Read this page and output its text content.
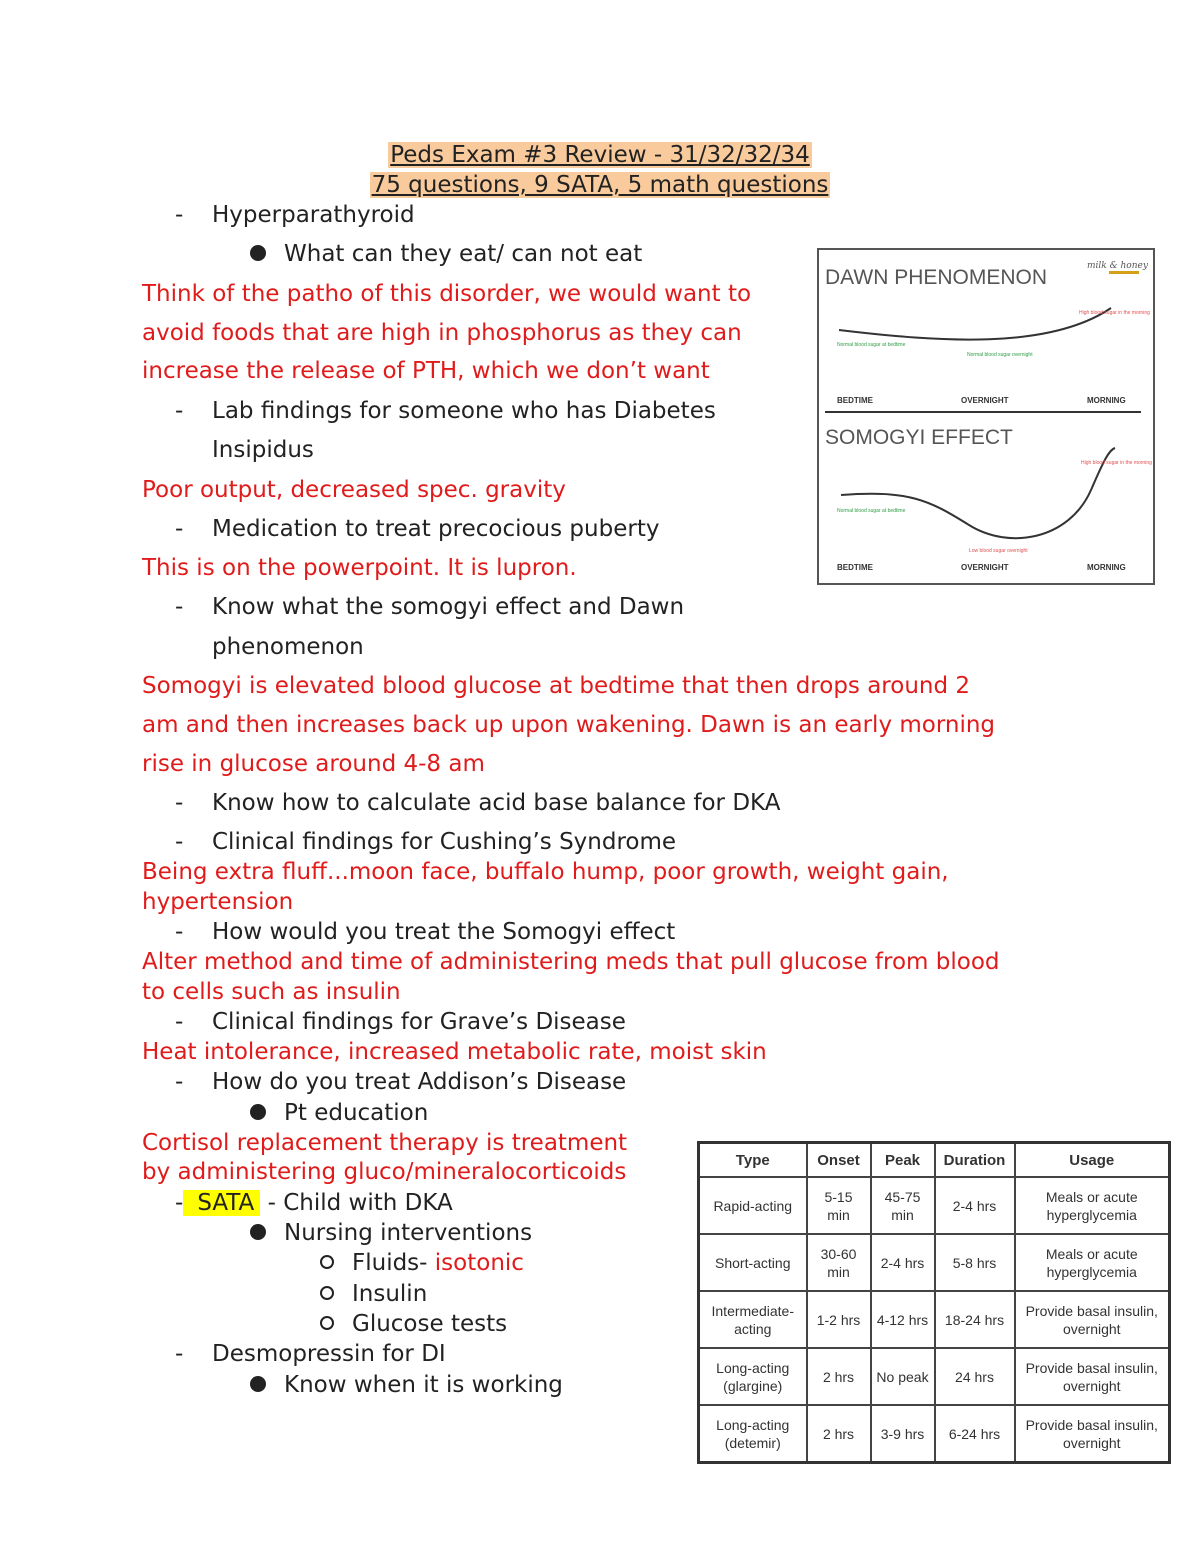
Peds Exam #3 Review - 31/32/32/34
75 questions, 9 SATA, 5 math questions
- Hyperparathyroid
What can they eat/ can not eat
Think of the patho of this disorder, we would want to
avoid foods that are high in phosphorus as they can
increase the release of PTH, which we don’t want
- Lab findings for someone who has Diabetes
Insipidus
Poor output, decreased spec. gravity
- Medication to treat precocious puberty
This is on the powerpoint. It is lupron.
- Know what the somogyi effect and Dawn
phenomenon
Somogyi is elevated blood glucose at bedtime that then drops around 2
am and then increases back up upon wakening. Dawn is an early morning
rise in glucose around 4-8 am
- Know how to calculate acid base balance for DKA
- Clinical findings for Cushing’s Syndrome
Being extra fluff...moon face, buffalo hump, poor growth, weight gain,
hypertension
- How would you treat the Somogyi effect
Alter method and time of administering meds that pull glucose from blood
to cells such as insulin
- Clinical findings for Grave’s Disease
Heat intolerance, increased metabolic rate, moist skin
- How do you treat Addison’s Disease
Pt education
Cortisol replacement therapy is treatment
by administering gluco/mineralocorticoids
- SATA - Child with DKA
Nursing interventions
Fluids- isotonic
Insulin
Glucose tests
- Desmopressin for DI
Know when it is working
DAWN PHENOMENON	milk & honey
Normal blood sugar at bedtime
Normal blood sugar overnight
High blood sugar in the morning
BEDTIME	OVERNIGHT	MORNING
SOMOGYI EFFECT
Normal blood sugar at bedtime
Low blood sugar overnight
High blood sugar in the morning
BEDTIME	OVERNIGHT	MORNING
Type	Onset	Peak	Duration	Usage
Rapid-acting	5-15 min	45-75 min	2-4 hrs	Meals or acute hyperglycemia
Short-acting	30-60 min	2-4 hrs	5-8 hrs	Meals or acute hyperglycemia
Intermediate-acting	1-2 hrs	4-12 hrs	18-24 hrs	Provide basal insulin, overnight
Long-acting (glargine)	2 hrs	No peak	24 hrs	Provide basal insulin, overnight
Long-acting (detemir)	2 hrs	3-9 hrs	6-24 hrs	Provide basal insulin, overnight
